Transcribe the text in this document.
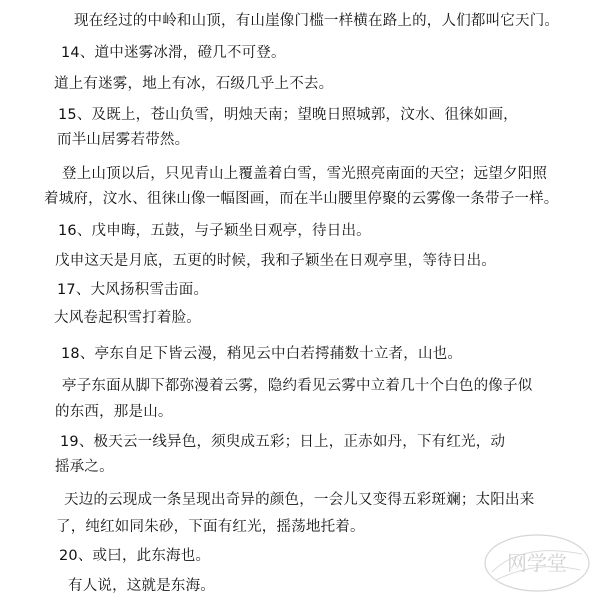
现在经过的中岭和山顶，有山崖像门槛一样横在路上的，人们都叫它天门。
14、道中迷雾冰滑，磴几不可登。
道上有迷雾，地上有冰，石级几乎上不去。
15、及既上，苍山负雪，明烛天南；望晚日照城郭，汶水、徂徕如画，
而半山居雾若带然。
登上山顶以后，只见青山上覆盖着白雪，雪光照亮南面的天空；远望夕阳照
着城府，汶水、徂徕山像一幅图画，而在半山腰里停聚的云雾像一条带子一样。
16、戊申晦，五鼓，与子颖坐日观亭，待日出。
戊申这天是月底，五更的时候，我和子颖坐在日观亭里，等待日出。
17、大风扬积雪击面。
大风卷起积雪打着脸。
18、亭东自足下皆云漫，稍见云中白若摴蒱数十立者，山也。
亭子东面从脚下都弥漫着云雾，隐约看见云雾中立着几十个白色的像子似
的东西，那是山。
19、极天云一线异色，须臾成五彩；日上，正赤如丹，下有红光，动
摇承之。
天边的云现成一条呈现出奇异的颜色，一会儿又变得五彩斑斓；太阳出来
了，纯红如同朱砂，下面有红光，摇荡地托着。
20、或曰，此东海也。
有人说，这就是东海。
网学堂
